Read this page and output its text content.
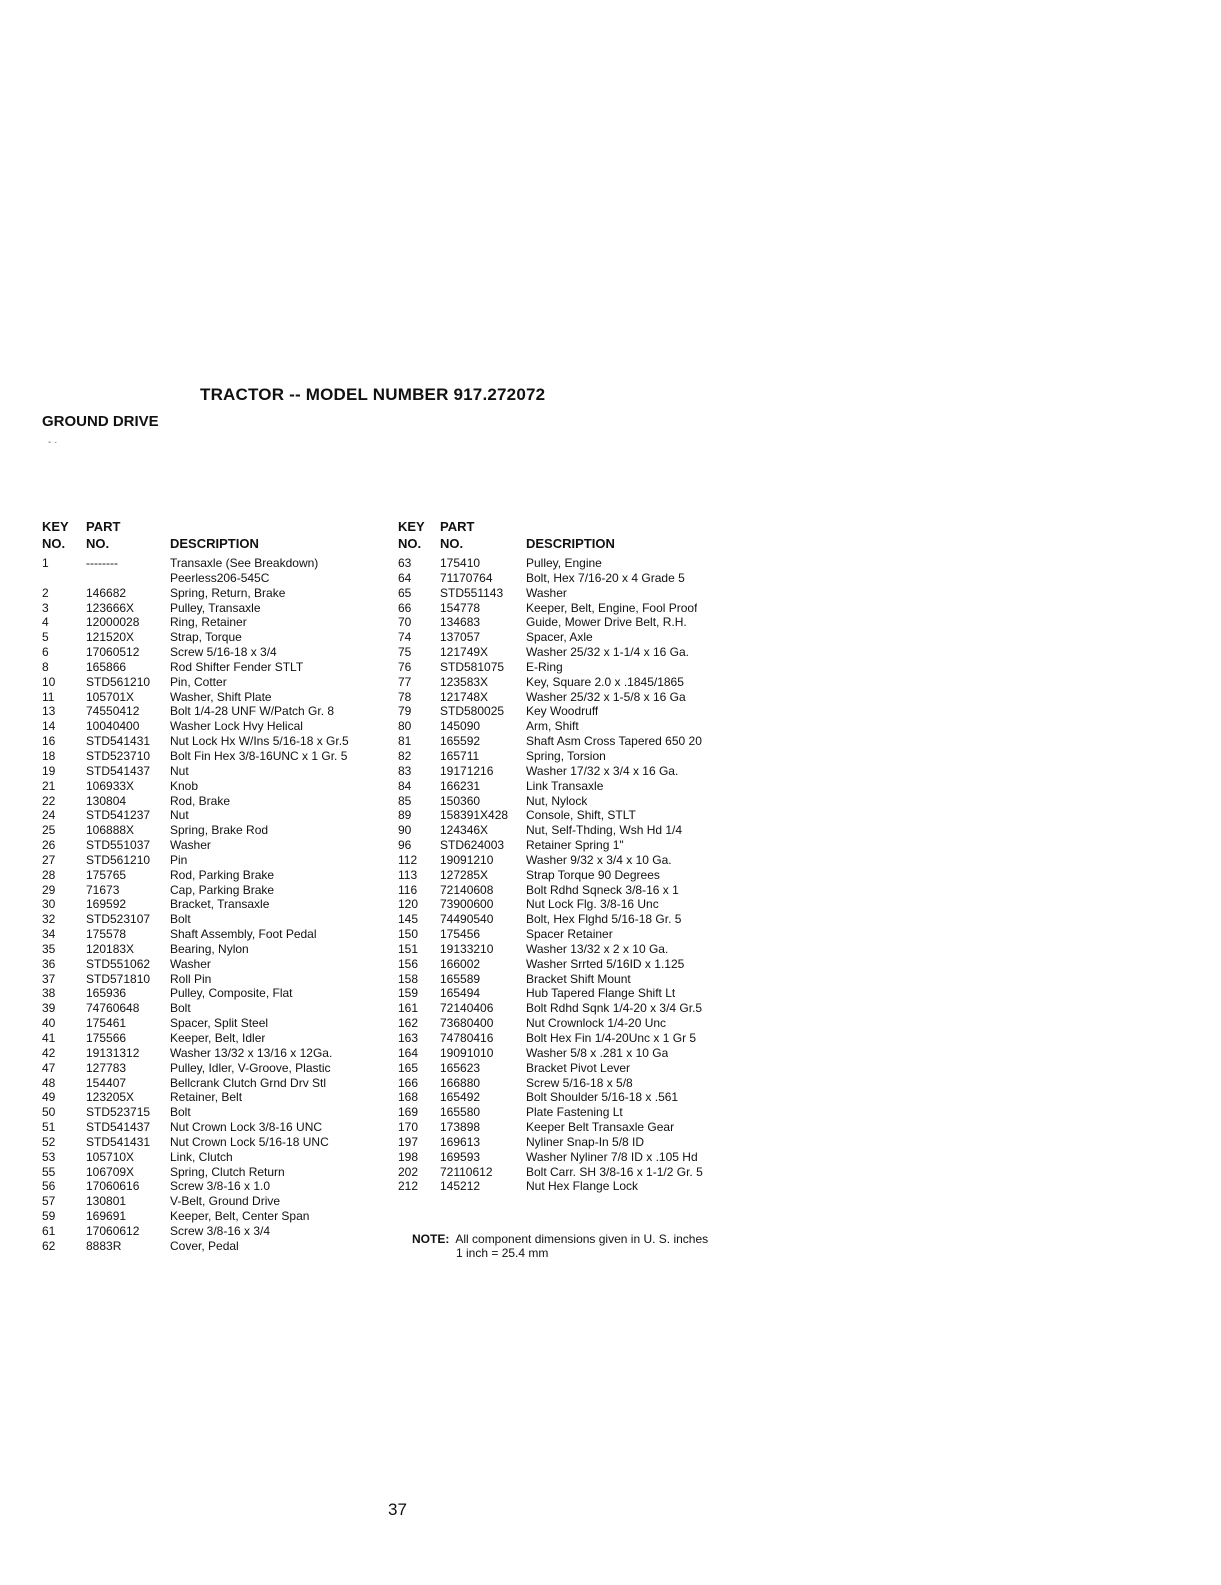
TRACTOR -- MODEL NUMBER 917.272072
GROUND DRIVE
- ·
KEY PART
NO. NO.	DESCRIPTION
1	--------	Transaxle (See Breakdown)
Peerless206-545C
2	146682	Spring, Return, Brake
3	123666X	Pulley, Transaxle
4	12000028	Ring, Retainer
5	121520X	Strap, Torque
6	17060512	Screw 5/16-18 x 3/4
8	165866	Rod Shifter Fender STLT
10	STD561210 Pin, Cotter
11	105701X	Washer, Shift Plate
13	74550412	Bolt 1/4-28 UNF W/Patch Gr. 8
14	10040400	Washer Lock Hvy Helical
16	STD541431 Nut Lock Hx W/Ins 5/16-18 x Gr.5
18	STD523710 Bolt Fin Hex 3/8-16UNC x 1 Gr. 5
19	STD541437 Nut
21	106933X	Knob
22	130804	Rod, Brake
24	STD541237 Nut
25	106888X	Spring, Brake Rod
26	STD551037 Washer
27	STD561210 Pin
28	175765	Rod, Parking Brake
29	71673	Cap, Parking Brake
30	169592	Bracket, Transaxle
32	STD523107 Bolt
34	175578	Shaft Assembly, Foot Pedal
35	120183X	Bearing, Nylon
36	STD551062 Washer
37	STD571810 Roll Pin
38	165936	Pulley, Composite, Flat
39	74760648	Bolt
40	175461	Spacer, Split Steel
41	175566	Keeper, Belt, Idler
42	19131312	Washer 13/32 x 13/16 x 12Ga.
47	127783	Pulley, Idler, V-Groove, Plastic
48	154407	Bellcrank Clutch Grnd Drv Stl
49	123205X	Retainer, Belt
50	STD523715 Bolt
51	STD541437 Nut Crown Lock 3/8-16 UNC
52	STD541431 Nut Crown Lock 5/16-18 UNC
53	105710X	Link, Clutch
55	106709X	Spring, Clutch Return
56	17060616	Screw 3/8-16 x 1.0
57	130801	V-Belt, Ground Drive
59	169691	Keeper, Belt, Center Span
61	17060612	Screw 3/8-16 x 3/4
62	8883R	Cover, Pedal
KEY PART
NO. NO.	DESCRIPTION
63 175410	Pulley, Engine
64 71170764	Bolt, Hex 7/16-20 x 4 Grade 5
65 STD551143 Washer
66 154778	Keeper, Belt, Engine, Fool Proof
70 134683	Guide, Mower Drive Belt, R.H.
74 137057	Spacer, Axle
75 121749X	Washer 25/32 x 1-1/4 x 16 Ga.
76 STD581075 E-Ring
77 123583X	Key, Square 2.0 x .1845/1865
78 121748X	Washer 25/32 x 1-5/8 x 16 Ga
79 STD580025 Key Woodruff
80 145090	Arm, Shift
81 165592	Shaft Asm Cross Tapered 650 20
82 165711	Spring, Torsion
83 19171216	Washer 17/32 x 3/4 x 16 Ga.
84 166231	Link Transaxle
85 150360	Nut, Nylock
89 158391X428 Console, Shift, STLT
90 124346X	Nut, Self-Thding, Wsh Hd 1/4
96 STD624003 Retainer Spring 1"
112 19091210	Washer 9/32 x 3/4 x 10 Ga.
113 127285X	Strap Torque 90 Degrees
116 72140608	Bolt Rdhd Sqneck 3/8-16 x 1
120 73900600	Nut Lock Flg. 3/8-16 Unc
145 74490540	Bolt, Hex Flghd 5/16-18 Gr. 5
150 175456	Spacer Retainer
151 19133210	Washer 13/32 x 2 x 10 Ga.
156 166002	Washer Srrted 5/16ID x 1.125
158 165589	Bracket Shift Mount
159 165494	Hub Tapered Flange Shift Lt
161 72140406	Bolt Rdhd Sqnk 1/4-20 x 3/4 Gr.5
162 73680400	Nut Crownlock 1/4-20 Unc
163 74780416	Bolt Hex Fin 1/4-20Unc x 1 Gr 5
164 19091010	Washer 5/8 x .281 x 10 Ga
165 165623	Bracket Pivot Lever
166 166880	Screw 5/16-18 x 5/8
168 165492	Bolt Shoulder 5/16-18 x .561
169 165580	Plate Fastening Lt
170 173898	Keeper Belt Transaxle Gear
197 169613	Nyliner Snap-In 5/8 ID
198 169593	Washer Nyliner 7/8 ID x .105 Hd
202 72110612	Bolt Carr. SH 3/8-16 x 1-1/2 Gr. 5
212 145212	Nut Hex Flange Lock
NOTE: All component dimensions given in U. S. inches
1 inch = 25.4 mm
37
